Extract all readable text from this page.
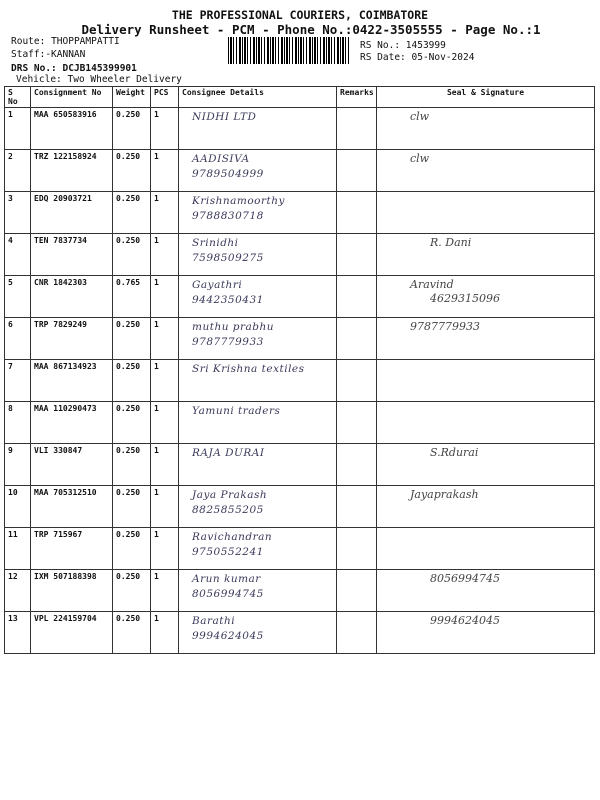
THE PROFESSIONAL COURIERS, COIMBATORE
Delivery Runsheet - PCM - Phone No.:0422-3505555 - Page No.:1
Route: THOPPAMPATTI
Staff:-KANNAN
DRS No.: DCJB145399901
Vehicle: Two Wheeler Delivery
RS No.: 1453999
RS Date: 05-Nov-2024
S No	Consignment No	Weight	PCS	Consignee Details	Remarks	Seal & Signature
1	MAA 650583916	0.250	1	NIDHI LTD		clw

2	TRZ 122158924	0.250	1	AADISIVA
9789504999		clw

3	EDQ 20903721	0.250	1	Krishnamoorthy
9788830718		

4	TEN 7837734	0.250	1	Srinidhi
7598509275		R. Dani

5	CNR 1842303	0.765	1	Gayathri
9442350431		Aravind
4629315096

6	TRP 7829249	0.250	1	muthu prabhu
9787779933		9787779933

7	MAA 867134923	0.250	1	Sri Krishna textiles		

8	MAA 110290473	0.250	1	Yamuni traders		

9	VLI 330847	0.250	1	RAJA DURAI		S.Rdurai

10	MAA 705312510	0.250	1	Jaya Prakash
8825855205		Jayaprakash

11	TRP 715967	0.250	1	Ravichandran
9750552241		

12	IXM 507188398	0.250	1	Arun kumar
8056994745		8056994745

13	VPL 224159704	0.250	1	Barathi
9994624045		9994624045
